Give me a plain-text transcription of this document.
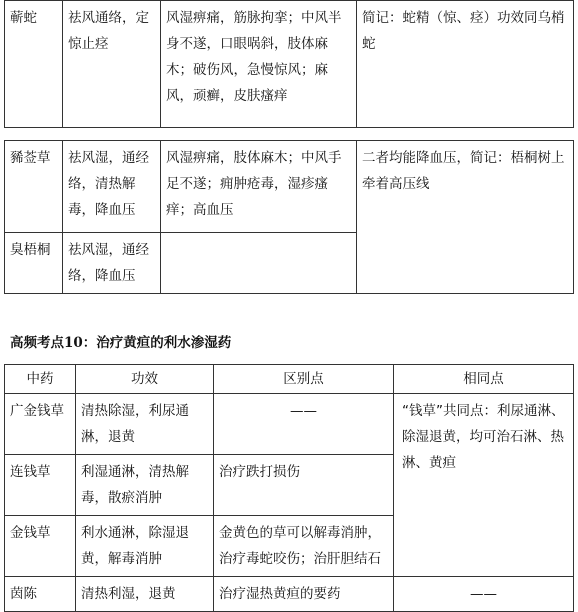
蕲蛇	祛风通络，定惊止痉	风湿痹痛，筋脉拘挛；中风半身不遂，口眼㖞斜，肢体麻木；破伤风，急慢惊风；麻风，顽癣，皮肤瘙痒	简记：蛇精（惊、痉）功效同乌梢蛇
豨莶草	祛风湿，通经络，清热解毒，降血压	风湿痹痛，肢体麻木；中风手足不遂；痈肿疮毒，湿疹瘙痒；高血压	二者均能降血压，简记：梧桐树上牵着高压线
臭梧桐	祛风湿，通经络，降血压		
高频考点10：治疗黄疸的利水渗湿药
中药	功效	区别点	相同点
广金钱草	清热除湿，利尿通淋，退黄	——	“钱草”共同点：利尿通淋、除湿退黄，均可治石淋、热淋、黄疸
连钱草	利湿通淋，清热解毒，散瘀消肿	治疗跌打损伤	
金钱草	利水通淋，除湿退黄，解毒消肿	金黄色的草可以解毒消肿，治疗毒蛇咬伤；治肝胆结石	
茵陈	清热利湿，退黄	治疗湿热黄疸的要药	——
